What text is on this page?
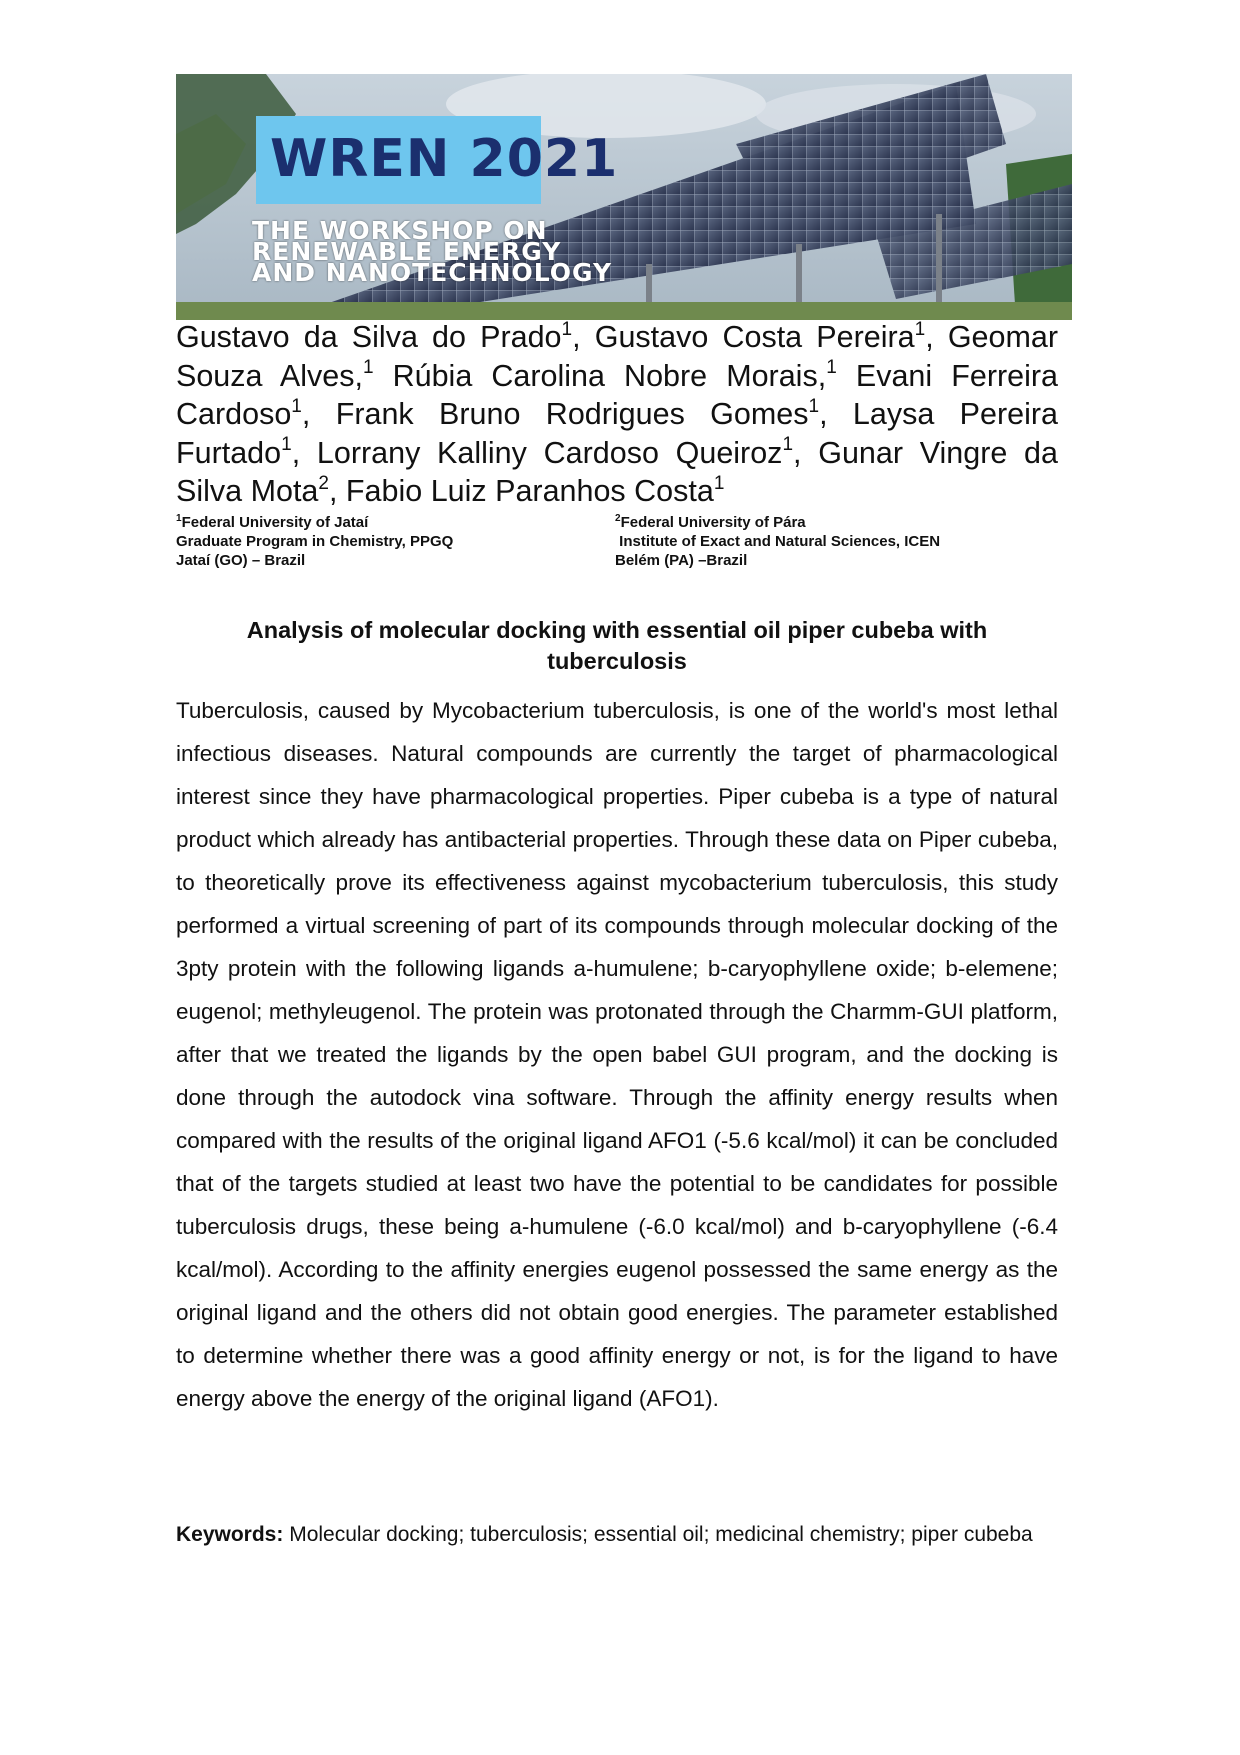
WREN 2021
THE WORKSHOP ON
RENEWABLE ENERGY
AND NANOTECHNOLOGY
Gustavo da Silva do Prado$^1$, Gustavo Costa Pereira$^1$, Geomar Souza Alves,$^1$ Rúbia Carolina Nobre Morais,$^1$ Evani Ferreira Cardoso$^1$, Frank Bruno Rodrigues Gomes$^1$, Laysa Pereira Furtado$^1$, Lorrany Kalliny Cardoso Queiroz$^1$, Gunar Vingre da Silva Mota$^2$, Fabio Luiz Paranhos Costa$^1$
$^1$Federal University of Jataí
Graduate Program in Chemistry, PPGQ
Jataí (GO) – Brazil
$^2$Federal University of Pára
Institute of Exact and Natural Sciences, ICEN
Belém (PA) –Brazil
Analysis of molecular docking with essential oil piper cubeba with tuberculosis
Tuberculosis, caused by Mycobacterium tuberculosis, is one of the world's most lethal infectious diseases. Natural compounds are currently the target of pharmacological interest since they have pharmacological properties. Piper cubeba is a type of natural product which already has antibacterial properties. Through these data on Piper cubeba, to theoretically prove its effectiveness against mycobacterium tuberculosis, this study performed a virtual screening of part of its compounds through molecular docking of the 3pty protein with the following ligands a-humulene; b-caryophyllene oxide; b-elemene; eugenol; methyleugenol. The protein was protonated through the Charmm-GUI platform, after that we treated the ligands by the open babel GUI program, and the docking is done through the autodock vina software. Through the affinity energy results when compared with the results of the original ligand AFO1 (-5.6 kcal/mol) it can be concluded that of the targets studied at least two have the potential to be candidates for possible tuberculosis drugs, these being a-humulene (-6.0 kcal/mol) and b-caryophyllene (-6.4 kcal/mol). According to the affinity energies eugenol possessed the same energy as the original ligand and the others did not obtain good energies. The parameter established to determine whether there was a good affinity energy or not, is for the ligand to have energy above the energy of the original ligand (AFO1).
Keywords: Molecular docking; tuberculosis; essential oil; medicinal chemistry; piper cubeba
